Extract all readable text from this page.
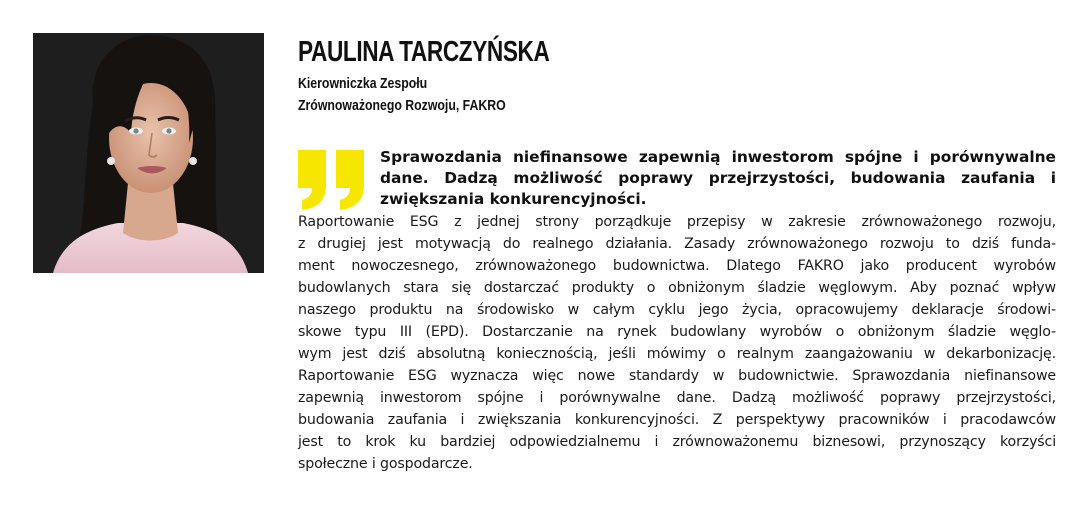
PAULINA TARCZYŃSKA
Kierowniczka Zespołu
Zrównoważonego Rozwoju, FAKRO
Sprawozdania niefinansowe zapewnią inwestorom spójne i porównywalne dane. Dadzą możliwość poprawy przejrzystości, budowania zaufania i zwiększania konkurencyjności.
Raportowanie ESG z jednej strony porządkuje przepisy w zakresie zrównoważonego rozwoju,
z drugiej jest motywacją do realnego działania. Zasady zrównoważonego rozwoju to dziś funda-
ment nowoczesnego, zrównoważonego budownictwa. Dlatego FAKRO jako producent wyrobów
budowlanych stara się dostarczać produkty o obniżonym śladzie węglowym. Aby poznać wpływ
naszego produktu na środowisko w całym cyklu jego życia, opracowujemy deklaracje środowi-
skowe typu III (EPD). Dostarczanie na rynek budowlany wyrobów o obniżonym śladzie węglo-
wym jest dziś absolutną koniecznością, jeśli mówimy o realnym zaangażowaniu w dekarbonizację.
Raportowanie ESG wyznacza więc nowe standardy w budownictwie. Sprawozdania niefinansowe
zapewnią inwestorom spójne i porównywalne dane. Dadzą możliwość poprawy przejrzystości,
budowania zaufania i zwiększania konkurencyjności. Z perspektywy pracowników i pracodawców
jest to krok ku bardziej odpowiedzialnemu i zrównoważonemu biznesowi, przynoszący korzyści
społeczne i gospodarcze.
